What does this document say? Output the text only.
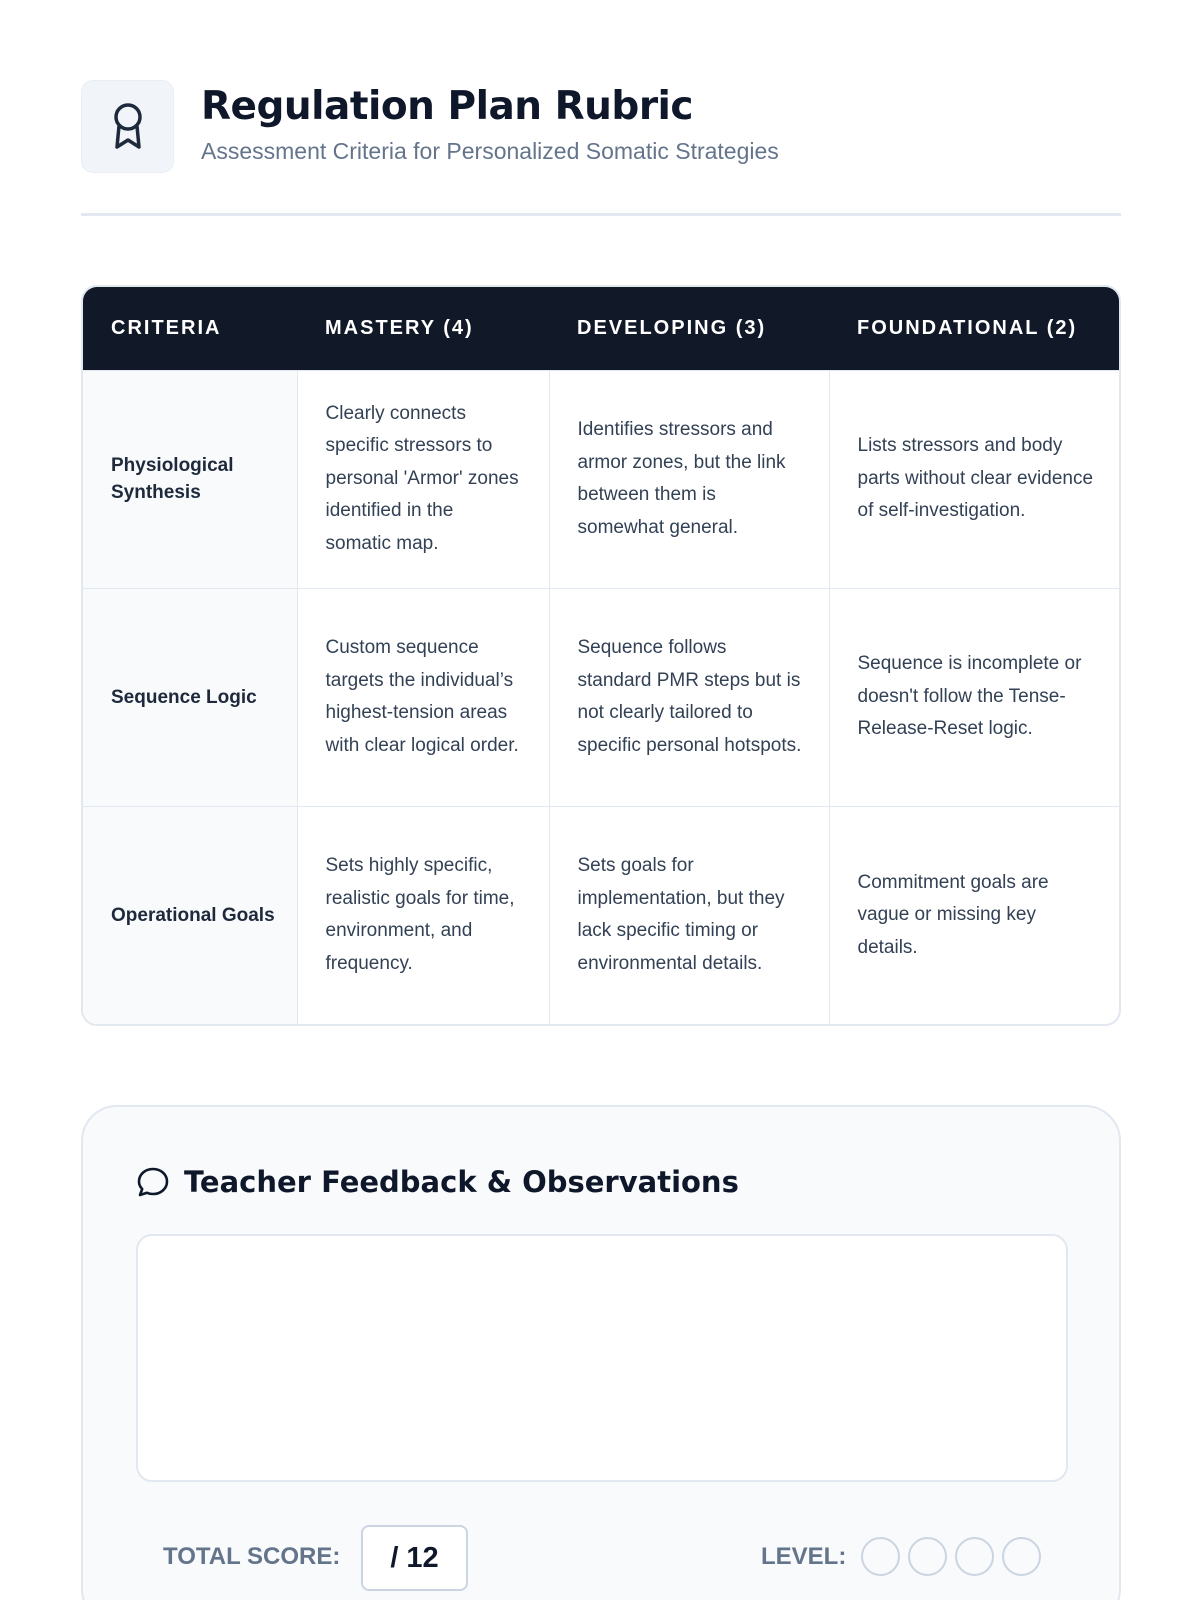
Regulation Plan Rubric
Assessment Criteria for Personalized Somatic Strategies
CRITERIA	MASTERY (4)	DEVELOPING (3)	FOUNDATIONAL (2)
Physiological Synthesis	Clearly connects specific stressors to personal 'Armor' zones identified in the somatic map.	Identifies stressors and armor zones, but the link between them is somewhat general.	Lists stressors and body parts without clear evidence of self-investigation.
Sequence Logic	Custom sequence targets the individual’s highest-tension areas with clear logical order.	Sequence follows standard PMR steps but is not clearly tailored to specific personal hotspots.	Sequence is incomplete or doesn't follow the Tense-Release-Reset logic.
Operational Goals	Sets highly specific, realistic goals for time, environment, and frequency.	Sets goals for implementation, but they lack specific timing or environmental details.	Commitment goals are vague or missing key details.
Teacher Feedback & Observations
TOTAL SCORE:	/ 12	LEVEL:
